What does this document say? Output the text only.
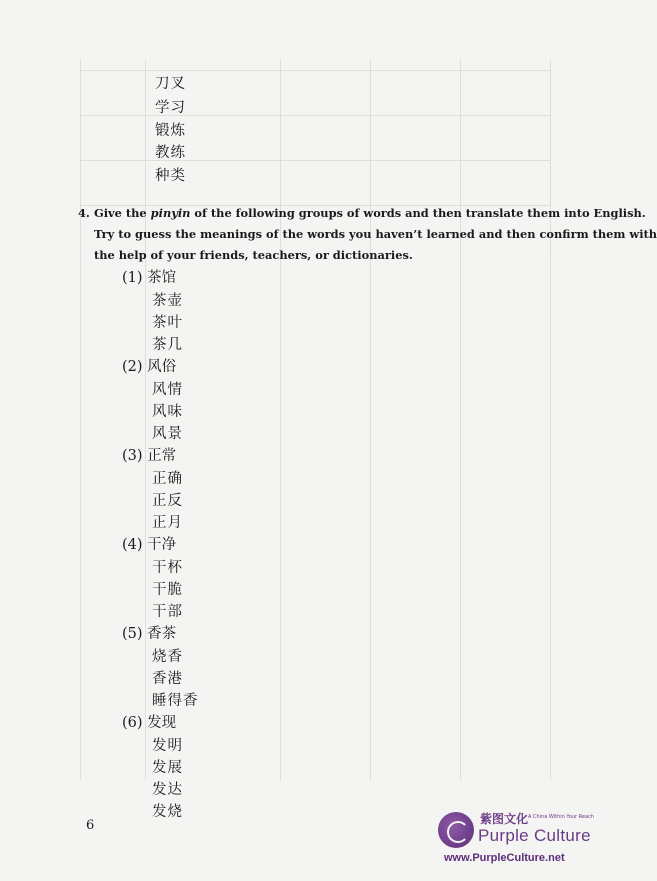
刀叉
学习
锻炼
教练
种类
4. Give the pinyin of the following groups of words and then translate them into English.
Try to guess the meanings of the words you haven’t learned and then confirm them with
the help of your friends, teachers, or dictionaries.
(1) 茶馆
茶壶
茶叶
茶几
(2) 风俗
风情
风味
风景
(3) 正常
正确
正反
正月
(4) 干净
干杯
干脆
干部
(5) 香茶
烧香
香港
睡得香
(6) 发现
发明
发展
发达
发烧
6	紫图文化 A China Within Your Reach
Purple Culture
www.PurpleCulture.net
